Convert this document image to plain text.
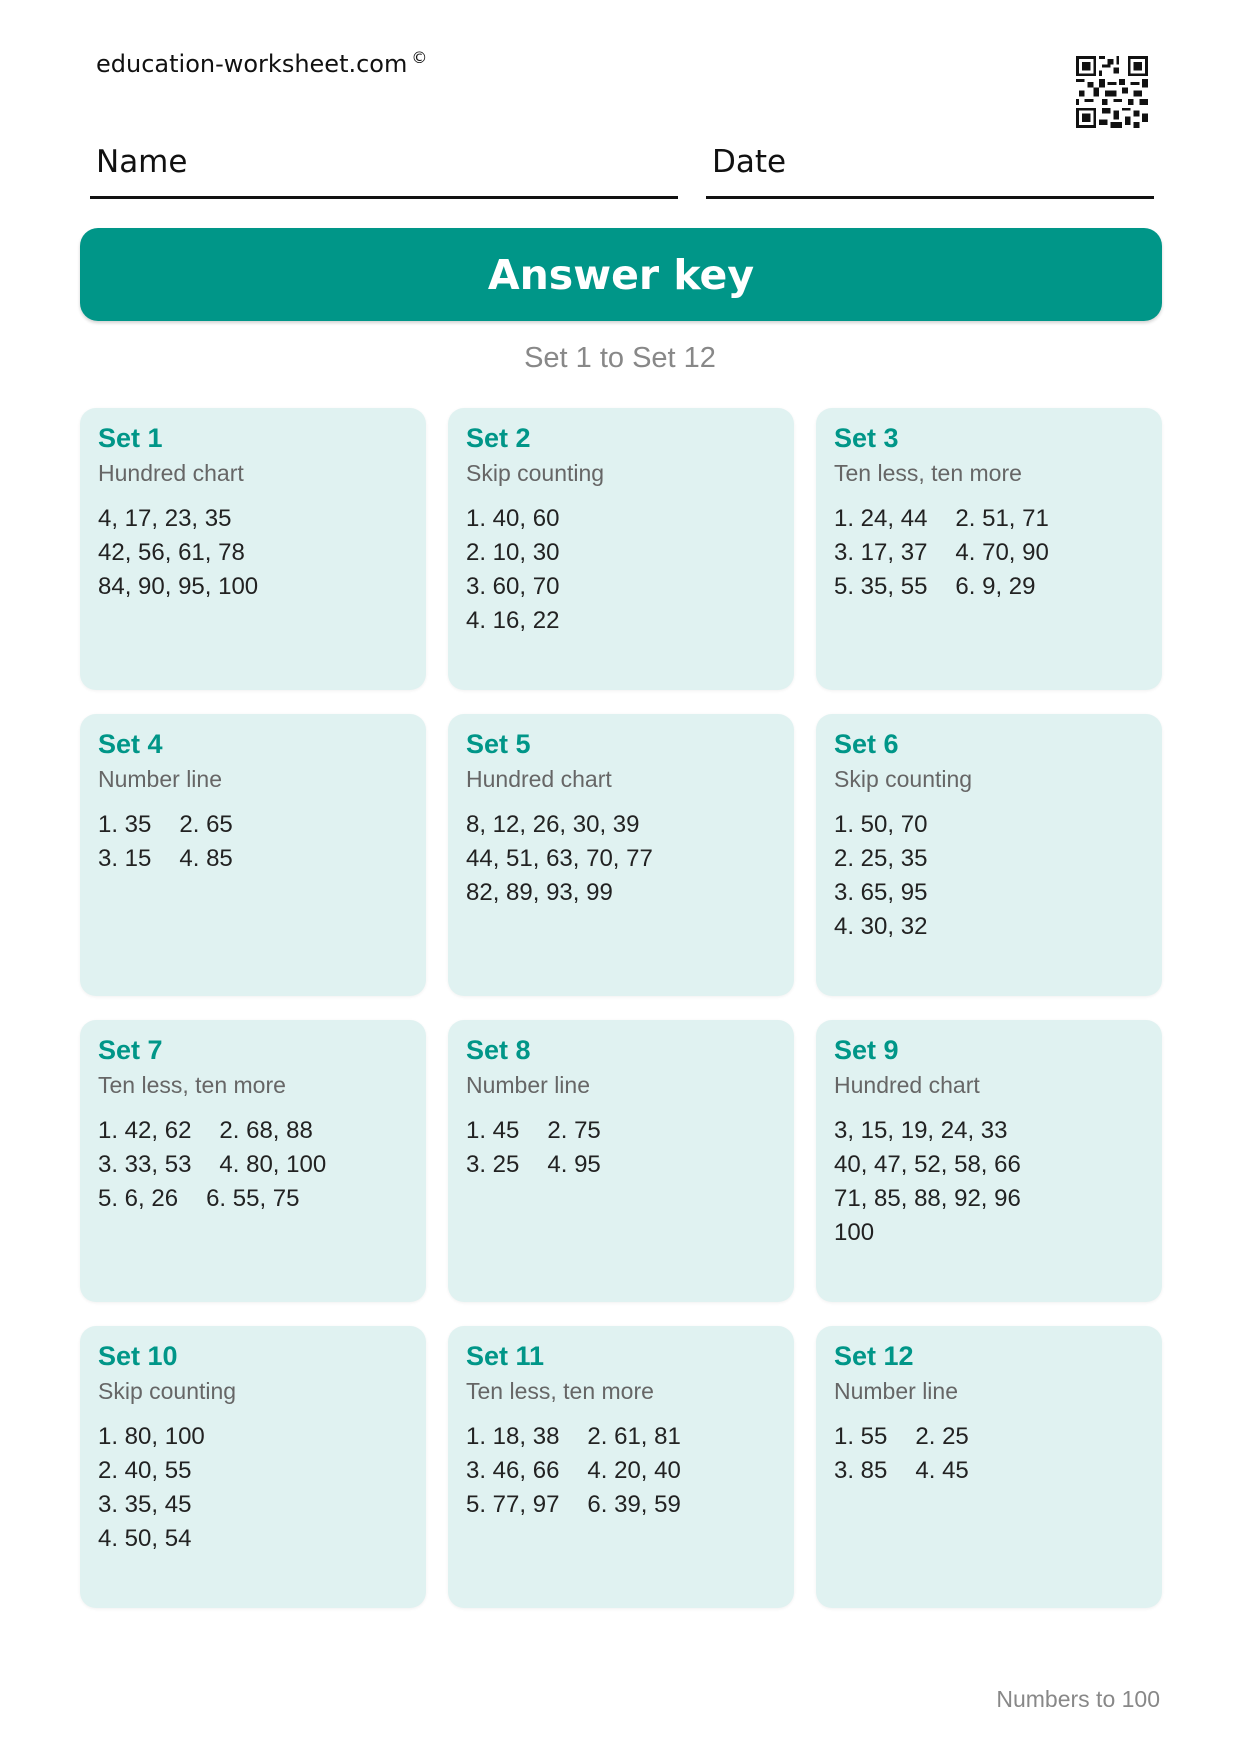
education-worksheet.com ©
Name	Date
Answer key
Set 1 to Set 12
Set 1
Hundred chart
4, 17, 23, 35
42, 56, 61, 78
84, 90, 95, 100
Set 2
Skip counting
1. 40, 60
2. 10, 30
3. 60, 70
4. 16, 22
Set 3
Ten less, ten more
1. 24, 44 2. 51, 71
3. 17, 37 4. 70, 90
5. 35, 55 6. 9, 29
Set 4
Number line
1. 35 2. 65
3. 15 4. 85
Set 5
Hundred chart
8, 12, 26, 30, 39
44, 51, 63, 70, 77
82, 89, 93, 99
Set 6
Skip counting
1. 50, 70
2. 25, 35
3. 65, 95
4. 30, 32
Set 7
Ten less, ten more
1. 42, 62 2. 68, 88
3. 33, 53 4. 80, 100
5. 6, 26 6. 55, 75
Set 8
Number line
1. 45 2. 75
3. 25 4. 95
Set 9
Hundred chart
3, 15, 19, 24, 33
40, 47, 52, 58, 66
71, 85, 88, 92, 96
100
Set 10
Skip counting
1. 80, 100
2. 40, 55
3. 35, 45
4. 50, 54
Set 11
Ten less, ten more
1. 18, 38 2. 61, 81
3. 46, 66 4. 20, 40
5. 77, 97 6. 39, 59
Set 12
Number line
1. 55 2. 25
3. 85 4. 45
Numbers to 100
